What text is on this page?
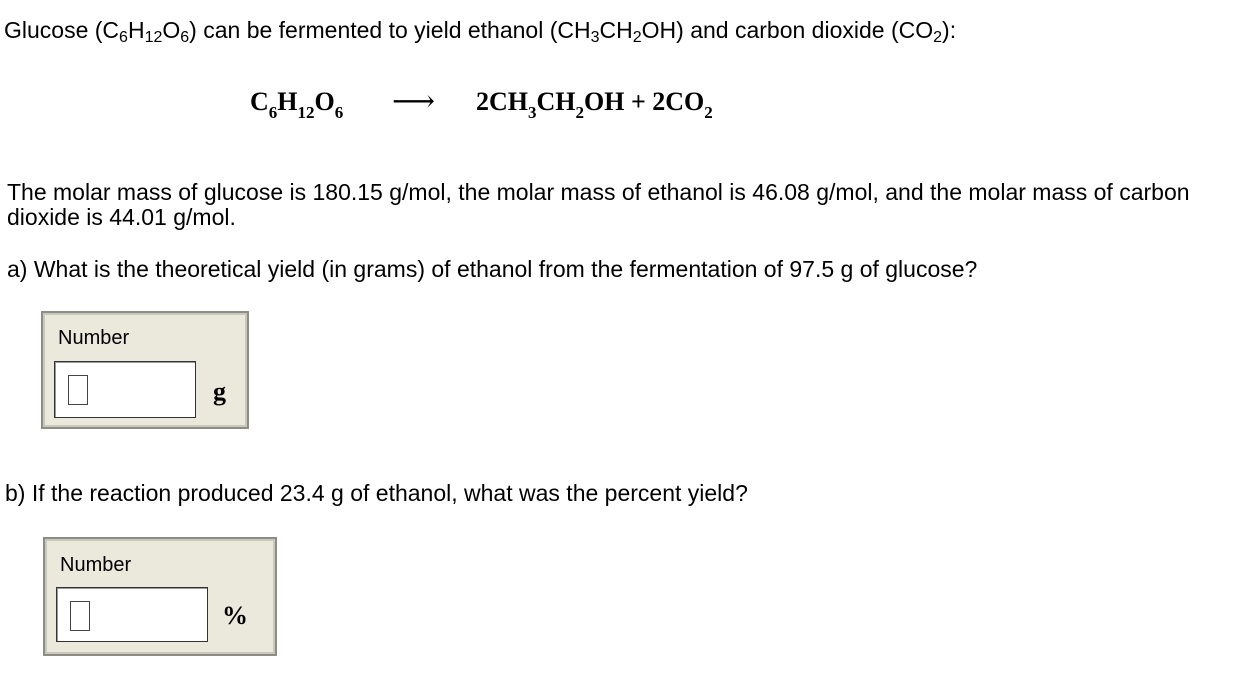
Glucose $(C_6H_{12}O_6)$ can be fermented to yield ethanol $(CH_3CH_2OH)$ and carbon dioxide $(CO_2)$:
$C_6H_{12}O_6$ ⟶ $2CH_3CH_2OH + 2CO_2$
The molar mass of glucose is 180.15 g/mol, the molar mass of ethanol is 46.08 g/mol, and the molar mass of carbon dioxide is 44.01 g/mol.
a) What is the theoretical yield (in grams) of ethanol from the fermentation of 97.5 g of glucose?
Number
g
b) If the reaction produced 23.4 g of ethanol, what was the percent yield?
Number
%
